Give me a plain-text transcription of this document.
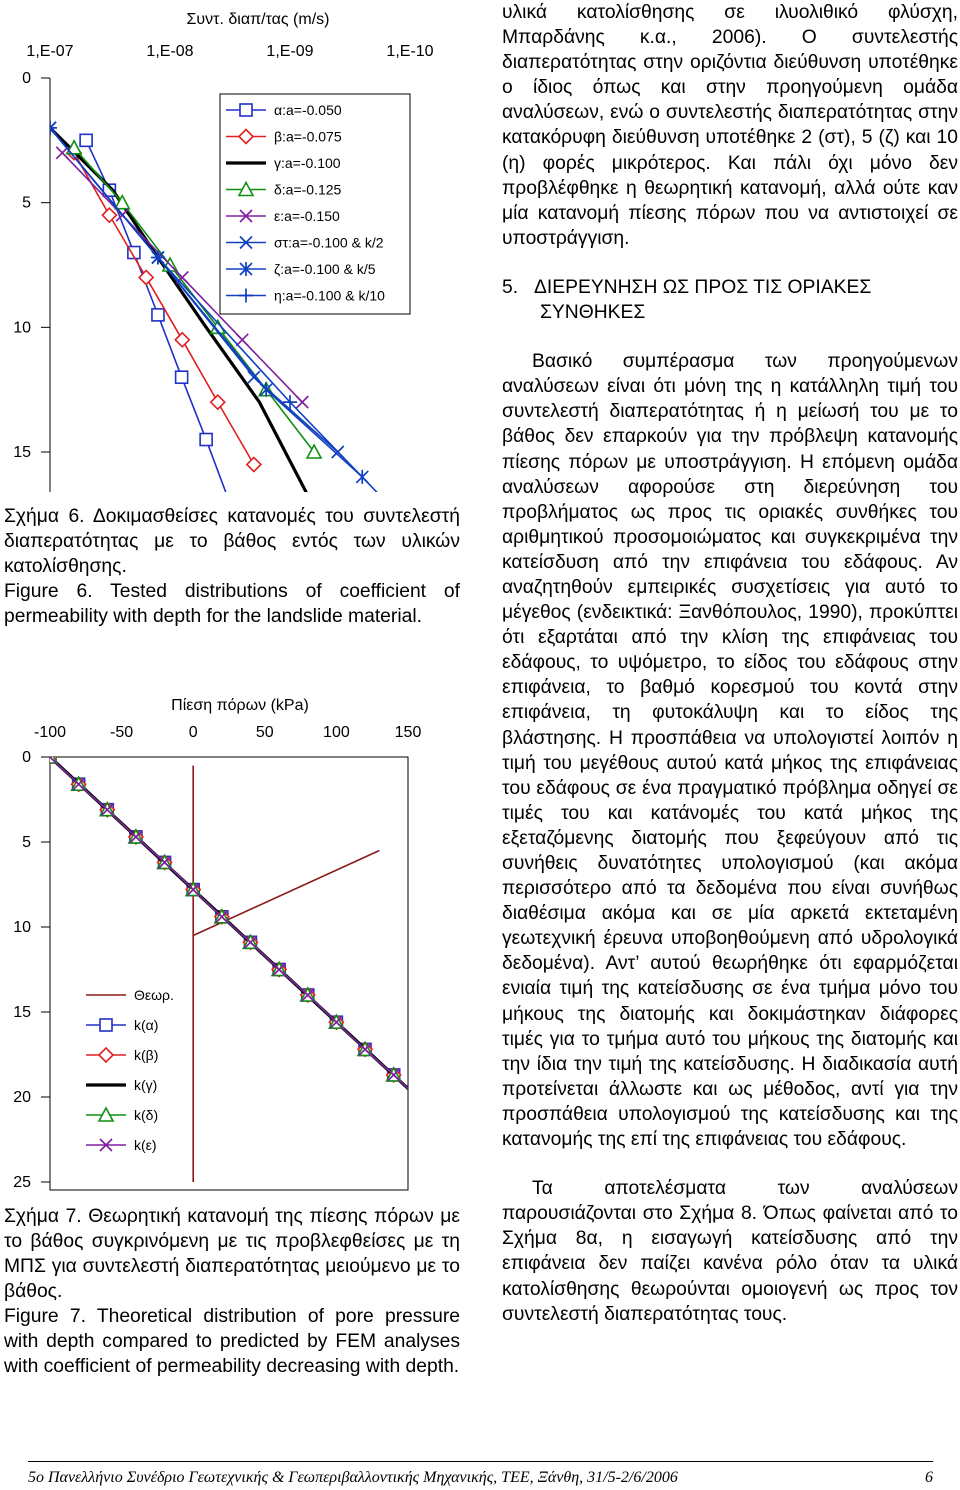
Συντ. διαπ/τας (m/s)
1,E-07	1,E-08	1,E-09	1,E-10
0
5
10
15
α:a=-0.050
β:a=-0.075
γ:a=-0.100
δ:a=-0.125
ε:a=-0.150
στ:a=-0.100 & k/2
ζ:a=-0.100 & k/5
η:a=-0.100 & k/10

Σχήμα 6. Δοκιμασθείσες κατανομές του συντελεστή διαπερατότητας με το βάθος εντός των υλικών κατολίσθησης.

Figure 6. Tested distributions of coefficient of permeability with depth for the landslide material.

Πίεση πόρων (kPa)
-100	-50	0	50	100	150
0
5
10
15
20
25
Θεωρ.
k(α)
k(β)
k(γ)
k(δ)
k(ε)

Σχήμα 7. Θεωρητική κατανομή της πίεσης πόρων με το βάθος συγκρινόμενη με τις προβλεφθείσες με τη ΜΠΣ για συντελεστή διαπερατότητας μειούμενο με το βάθος.

Figure 7. Theoretical distribution of pore pressure with depth compared to predicted by FEM analyses with coefficient of permeability decreasing with depth.

υλικά κατολίσθησης σε ιλυολιθικό φλύσχη, Μπαρδάνης κ.α., 2006). Ο συντελεστής διαπερατότητας στην οριζόντια διεύθυνση υποτέθηκε ο ίδιος όπως και στην προηγούμενη ομάδα αναλύσεων, ενώ ο συντελεστής διαπερατότητας στην κατακόρυφη διεύθυνση υποτέθηκε 2 (στ), 5 (ζ) και 10 (η) φορές μικρότερος. Και πάλι όχι μόνο δεν προβλέφθηκε η θεωρητική κατανομή, αλλά ούτε καν μία κατανομή πίεσης πόρων που να αντιστοιχεί σε υποστράγγιση.

5. ΔΙΕΡΕΥΝΗΣΗ ΩΣ ΠΡΟΣ ΤΙΣ ΟΡΙΑΚΕΣ
ΣΥΝΘΗΚΕΣ

Βασικό συμπέρασμα των προηγούμενων αναλύσεων είναι ότι μόνη της η κατάλληλη τιμή του συντελεστή διαπερατότητας ή η μείωσή του με το βάθος δεν επαρκούν για την πρόβλεψη κατανομής πίεσης πόρων με υποστράγγιση. Η επόμενη ομάδα αναλύσεων αφορούσε στη διερεύνηση του προβλήματος ως προς τις οριακές συνθήκες του αριθμητικού προσομοιώματος και συγκεκριμένα την κατείσδυση από την επιφάνεια του εδάφους. Αν αναζητηθούν εμπειρικές συσχετίσεις για αυτό το μέγεθος (ενδεικτικά: Ξανθόπουλος, 1990), προκύπτει ότι εξαρτάται από την κλίση της επιφάνειας του εδάφους, το υψόμετρο, το είδος του εδάφους στην επιφάνεια, το βαθμό κορεσμού του κοντά στην επιφάνεια, τη φυτοκάλυψη και το είδος της βλάστησης. Η προσπάθεια να υπολογιστεί λοιπόν η τιμή του μεγέθους αυτού κατά μήκος της επιφάνειας του εδάφους σε ένα πραγματικό πρόβλημα οδηγεί σε τιμές του και κατάνομές του κατά μήκος της εξεταζόμενης διατομής που ξεφεύγουν από τις συνήθεις δυνατότητες υπολογισμού (και ακόμα περισσότερο από τα δεδομένα που είναι συνήθως διαθέσιμα ακόμα και σε μία αρκετά εκτεταμένη γεωτεχνική έρευνα υποβοηθούμενη από υδρολογικά δεδομένα). Αντ’ αυτού θεωρήθηκε ότι εφαρμόζεται ενιαία τιμή της κατείσδυσης σε ένα τμήμα μόνο του μήκους της διατομής και δοκιμάστηκαν διάφορες τιμές για το τμήμα αυτό του μήκους της διατομής και την ίδια την τιμή της κατείσδυσης. Η διαδικασία αυτή προτείνεται άλλωστε και ως μέθοδος, αντί για την προσπάθεια υπολογισμού της κατείσδυσης και της κατανομής της επί της επιφάνειας του εδάφους.

Τα αποτελέσματα των αναλύσεων παρουσιάζονται στο Σχήμα 8. Όπως φαίνεται από το Σχήμα 8α, η εισαγωγή κατείσδυσης από την επιφάνεια δεν παίζει κανένα ρόλο όταν τα υλικά κατολίσθησης θεωρούνται ομοιογενή ως προς τον συντελεστή διαπερατότητας τους.

5ο Πανελλήνιο Συνέδριο Γεωτεχνικής & Γεωπεριβαλλοντικής Μηχανικής, ΤΕΕ, Ξάνθη, 31/5-2/6/2006	6
